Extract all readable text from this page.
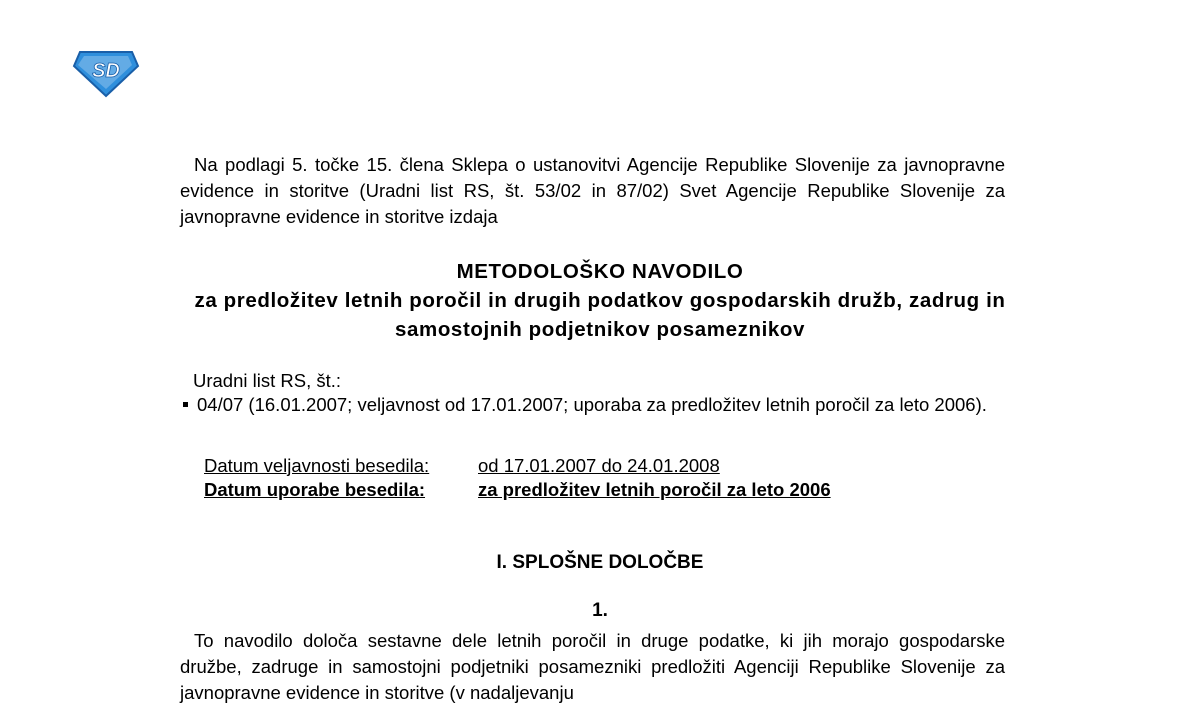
SD
Na podlagi 5. točke 15. člena Sklepa o ustanovitvi Agencije Republike Slovenije za javnopravne evidence in storitve (Uradni list RS, št. 53/02 in 87/02) Svet Agencije Republike Slovenije za javnopravne evidence in storitve izdaja
METODOLOŠKO NAVODILO
za predložitev letnih poročil in drugih podatkov gospodarskih družb, zadrug in samostojnih podjetnikov posameznikov
Uradni list RS, št.:
04/07 (16.01.2007; veljavnost od 17.01.2007; uporaba za predložitev letnih poročil za leto 2006).
Datum veljavnosti besedila:	od 17.01.2007 do 24.01.2008
Datum uporabe besedila:	za predložitev letnih poročil za leto 2006
I. SPLOŠNE DOLOČBE
1.
To navodilo določa sestavne dele letnih poročil in druge podatke, ki jih morajo gospodarske družbe, zadruge in samostojni podjetniki posamezniki predložiti Agenciji Republike Slovenije za javnopravne evidence in storitve (v nadaljevanju
